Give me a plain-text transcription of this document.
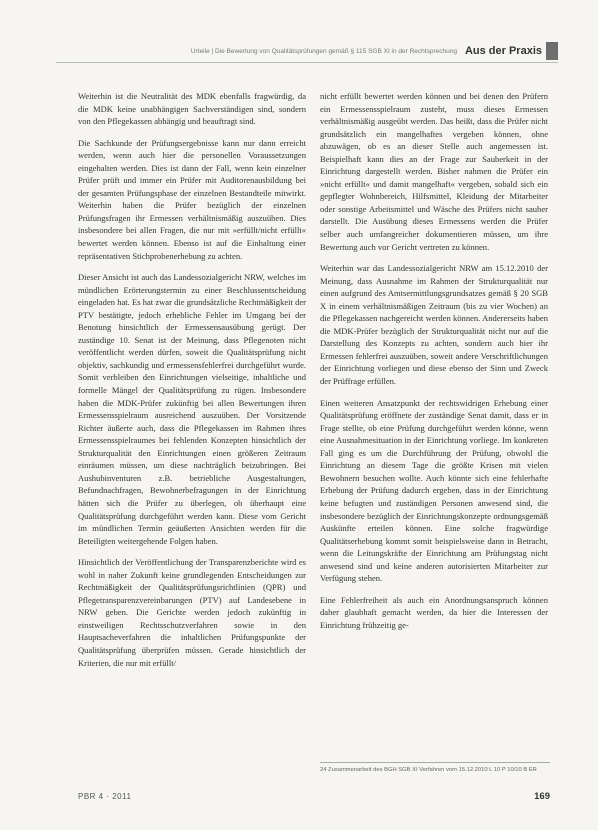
Urteile | Die Bewertung von Qualitätsprüfungen gemäß § 115 SGB XI in der Rechtsprechung Aus der Praxis

Weiterhin ist die Neutralität des MDK ebenfalls fragwürdig, da die MDK keine unabhängigen Sachverständigen sind, sondern von den Pflegekassen abhängig und beauftragt sind.

Die Sachkunde der Prüfungsergebnisse kann nur dann erreicht werden, wenn auch hier die personellen Voraussetzungen eingehalten werden. Dies ist dann der Fall, wenn kein einzelner Prüfer prüft und immer ein Prüfer mit Auditorenausbildung bei der gesamten Prüfungsphase der einzelnen Bestandteile mitwirkt. Weiterhin haben die Prüfer bezüglich der einzelnen Prüfungsfragen ihr Ermessen verhältnismäßig auszuüben. Dies insbesondere bei allen Fragen, die nur mit »erfüllt/nicht erfüllt« bewertet werden können. Ebenso ist auf die Einhaltung einer repräsentativen Stichprobenerhebung zu achten.

Dieser Ansicht ist auch das Landessozialgericht NRW, welches im mündlichen Erörterungstermin zu einer Beschlussentscheidung eingeladen hat. Es hat zwar die grundsätzliche Rechtmäßigkeit der PTV bestätigte, jedoch erhebliche Fehler im Umgang bei der Benotung hinsichtlich der Ermessensausübung gerügt. Der zuständige 10. Senat ist der Meinung, dass Pflegenoten nicht veröffentlicht werden dürfen, soweit die Qualitätsprüfung nicht objektiv, sachkundig und ermessensfehlerfrei durchgeführt wurde. Somit verbleiben den Einrichtungen vielseitige, inhaltliche und formelle Mängel der Qualitätsprüfung zu rügen. Insbesondere haben die MDK-Prüfer zukünftig bei allen Bewertungen ihren Ermessensspielraum ausreichend auszuüben. Der Vorsitzende Richter äußerte auch, dass die Pflegekassen im Rahmen ihres Ermessensspielraumes bei fehlenden Konzepten hinsichtlich der Strukturqualität den Einrichtungen einen größeren Zeitraum einräumen müssen, um diese nachträglich beizubringen. Bei Aushubinventuren z.B. betriebliche Ausgestaltungen, Befundnachfragen, Bewohnerbefragungen in der Einrichtung hätten sich die Prüfer zu überlegen, ob überhaupt eine Qualitätsprüfung durchgeführt werden kann. Diese vom Gericht im mündlichen Termin geäußerten Ansichten werden für die Beteiligten weitergehende Folgen haben.

Hinsichtlich der Veröffentlichung der Transparenzberichte wird es wohl in naher Zukunft keine grundlegenden Entscheidungen zur Rechtmäßigkeit der Qualitätsprüfungsrichtlinien (QPR) und Pflegetransparenzvereinbarungen (PTV) auf Landesebene in NRW geben. Die Gerichte werden jedoch zukünftig in einstweiligen Rechtsschutzverfahren sowie in den Hauptsacheverfahren die inhaltlichen Prüfungspunkte der Qualitätsprüfung überprüfen müssen. Gerade hinsichtlich der Kriterien, die nur mit erfüllt/

nicht erfüllt bewertet werden können und bei denen den Prüfern ein Ermessensspielraum zusteht, muss dieses Ermessen verhältnismäßig ausgeübt werden. Das heißt, dass die Prüfer nicht grundsätzlich ein mangelhaftes vergeben können, ohne abzuwägen, ob es an dieser Stelle auch angemessen ist. Beispielhaft kann dies an der Frage zur Sauberkeit in der Einrichtung dargestellt werden. Bisher nahmen die Prüfer ein »nicht erfüllt« und damit mangelhaft« vergeben, sobald sich ein gepflegter Wohnbereich, Hilfsmittel, Kleidung der Mitarbeiter oder sonstige Arbeitsmittel und Wäsche des Prüfers nicht sauber darstellt. Die Ausübung dieses Ermessens werden die Prüfer selber auch umfangreicher dokumentieren müssen, um ihre Bewertung auch vor Gericht vertreten zu können.

Weiterhin war das Landessozialgericht NRW am 15.12.2010 der Meinung, dass Ausnahme im Rahmen der Strukturqualität nur einen aufgrund des Amtsermittlungsgrundsatzes gemäß § 20 SGB X in einem verhältnismäßigen Zeitraum (bis zu vier Wochen) an die Pflegekassen nachgereicht werden können. Andererseits haben die MDK-Prüfer bezüglich der Strukturqualität nicht nur auf die Darstellung des Konzepts zu achten, sondern auch hier ihr Ermessen fehlerfrei auszuüben, soweit andere Verschriftlichungen der Einrichtung vorliegen und diese ebenso der Sinn und Zweck der Prüffrage erfüllen.

Einen weiteren Ansatzpunkt der rechtswidrigen Erhebung einer Qualitätsprüfung eröffnete der zuständige Senat damit, dass er in Frage stellte, ob eine Prüfung durchgeführt werden könne, wenn eine Ausnahmesituation in der Einrichtung vorliege. Im konkreten Fall ging es um die Durchführung der Prüfung, obwohl die Einrichtung an diesem Tage die größte Krisen mit vielen Bewohnern besuchen wollte. Auch könnte sich eine fehlerhafte Erhebung der Prüfung dadurch ergeben, dass in der Einrichtung keine befugten und zuständigen Personen anwesend sind, die insbesondere bezüglich der Einrichtungskonzepte ordnungsgemäß Auskünfte erteilen können. Eine solche fragwürdige Qualitätserhebung kommt somit beispielsweise dann in Betracht, wenn die Leitungskräfte der Einrichtung am Prüfungstag nicht anwesend sind und keine anderen autorisierten Mitarbeiter zur Verfügung stehen.

Eine Fehlerfreiheit als auch ein Anordnungsanspruch können daher glaubhaft gemacht werden, da hier die Interessen der Einrichtung frühzeitig ge-

24 Zusammenarbeit des BGH SGB XI Verfahren vom 15.12.2010 L 10 P 10/10 B ER
PBR 4 · 2011	169
